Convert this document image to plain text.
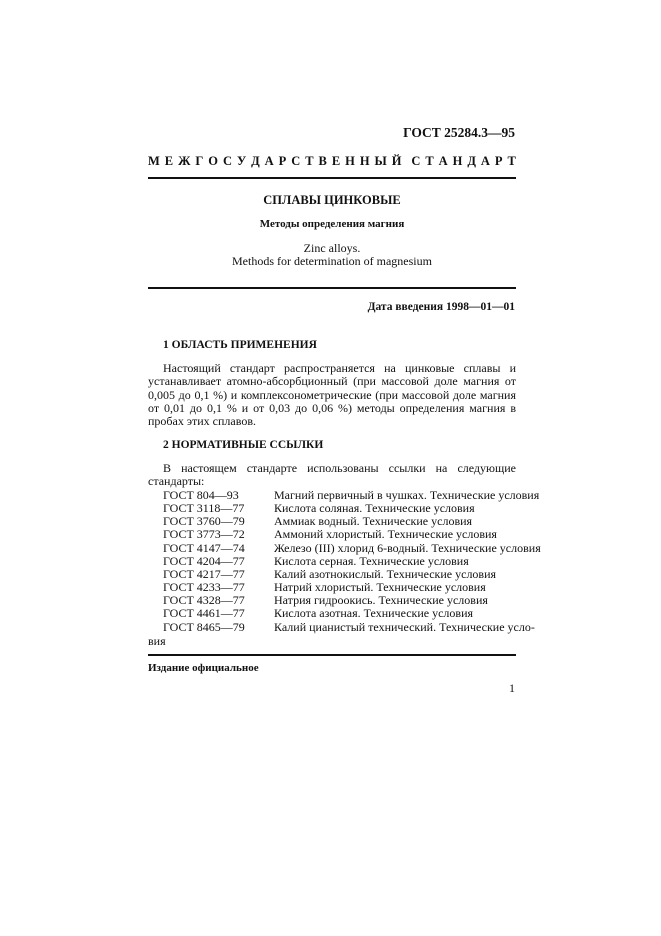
ГОСТ 25284.3—95
М Е Ж Г О С У Д А Р С Т В Е Н Н Ы Й С Т А Н Д А Р Т
СПЛАВЫ ЦИНКОВЫЕ
Методы определения магния
Zinc alloys.
Methods for determination of magnesium
Дата введения 1998—01—01
1 ОБЛАСТЬ ПРИМЕНЕНИЯ

Настоящий стандарт распространяется на цинковые сплавы и устанавливает атомно-абсорбционный (при массовой доле магния от 0,005 до 0,1 %) и комплексонометрические (при массовой доле магния от 0,01 до 0,1 % и от 0,03 до 0,06 %) методы определения магния в пробах этих сплавов.

2 НОРМАТИВНЫЕ ССЫЛКИ

В настоящем стандарте использованы ссылки на следующие стандарты:

ГОСТ 804—93	Магний первичный в чушках. Технические условия
ГОСТ 3118—77	Кислота соляная. Технические условия
ГОСТ 3760—79	Аммиак водный. Технические условия
ГОСТ 3773—72	Аммоний хлористый. Технические условия
ГОСТ 4147—74	Железо (III) хлорид 6-водный. Технические условия
ГОСТ 4204—77	Кислота серная. Технические условия
ГОСТ 4217—77	Калий азотнокислый. Технические условия
ГОСТ 4233—77	Натрий хлористый. Технические условия
ГОСТ 4328—77	Натрия гидроокись. Технические условия
ГОСТ 4461—77	Кислота азотная. Технические условия
ГОСТ 8465—79	Калий цианистый технический. Технические усло-
вия
Издание официальное
1
